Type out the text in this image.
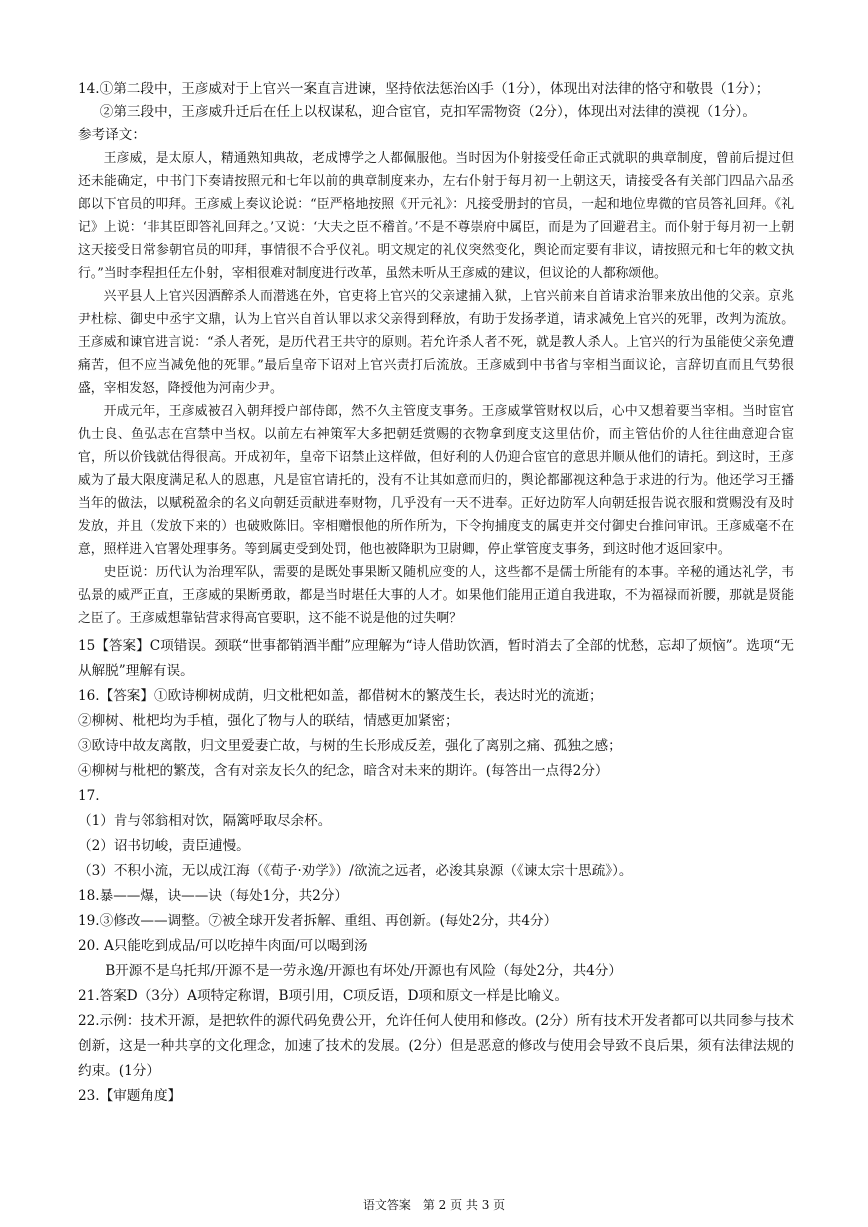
14.①第二段中，王彦威对于上官兴一案直言进谏，坚持依法惩治凶手（1分），体现出对法律的恪守和敬畏（1分）；

②第三段中，王彦威升迁后在任上以权谋私，迎合宦官，克扣军需物资（2分），体现出对法律的漠视（1分）。

参考译文：

王彦威，是太原人，精通熟知典故，老成博学之人都佩服他。当时因为仆射接受任命正式就职的典章制度，曾前后提过但还未能确定，中书门下奏请按照元和七年以前的典章制度来办，左右仆射于每月初一上朝这天，请接受各有关部门四品六品丞郎以下官员的叩拜。王彦威上奏议论说：“臣严格地按照《开元礼》：凡接受册封的官员，一起和地位卑微的官员答礼回拜。《礼记》上说：‘非其臣即答礼回拜之。’又说：‘大夫之臣不稽首。’不是不尊崇府中属臣，而是为了回避君主。而仆射于每月初一上朝这天接受日常参朝官员的叩拜，事情很不合乎仪礼。明文规定的礼仪突然变化，舆论而定要有非议，请按照元和七年的敕文执行。”当时李程担任左仆射，宰相很难对制度进行改革，虽然未听从王彦威的建议，但议论的人都称颂他。

兴平县人上官兴因酒醉杀人而潜逃在外，官吏将上官兴的父亲逮捕入狱，上官兴前来自首请求治罪来放出他的父亲。京兆尹杜棕、御史中丞宇文鼎，认为上官兴自首认罪以求父亲得到释放，有助于发扬孝道，请求减免上官兴的死罪，改判为流放。王彦威和谏官进言说：“杀人者死，是历代君王共守的原则。若允许杀人者不死，就是教人杀人。上官兴的行为虽能使父亲免遭痛苦，但不应当减免他的死罪。”最后皇帝下诏对上官兴责打后流放。王彦威到中书省与宰相当面议论，言辞切直而且气势很盛，宰相发怒，降授他为河南少尹。

开成元年，王彦威被召入朝拜授户部侍郎，然不久主管度支事务。王彦威掌管财权以后，心中又想着要当宰相。当时宦官仇士良、鱼弘志在宫禁中当权。以前左右神策军大多把朝廷赏赐的衣物拿到度支这里估价，而主管估价的人往往曲意迎合宦官，所以价钱就估得很高。开成初年，皇帝下诏禁止这样做，但好利的人仍迎合宦官的意思并顺从他们的请托。到这时，王彦威为了最大限度满足私人的恩惠，凡是宦官请托的，没有不让其如意而归的，舆论都鄙视这种急于求进的行为。他还学习王播当年的做法，以赋税盈余的名义向朝廷贡献进奉财物，几乎没有一天不进奉。正好边防军人向朝廷报告说衣服和赏赐没有及时发放，并且（发放下来的）也破败陈旧。宰相赠恨他的所作所为，下令拘捕度支的属吏并交付御史台推问审讯。王彦威毫不在意，照样进入官署处理事务。等到属吏受到处罚，他也被降职为卫尉卿，停止掌管度支事务，到这时他才返回家中。

史臣说：历代认为治理军队，需要的是既处事果断又随机应变的人，这些都不是儒士所能有的本事。辛秘的通达礼学，韦弘景的威严正直，王彦威的果断勇敢，都是当时堪任大事的人才。如果他们能用正道自我进取，不为福禄而祈腰，那就是贤能之臣了。王彦威想靠钻营求得高官要职，这不能不说是他的过失啊？

15【答案】C项错误。颈联“世事都销酒半酣”应理解为“诗人借助饮酒，暂时消去了全部的忧愁，忘却了烦恼”。选项“无从解脱”理解有误。

16.【答案】①欧诗柳树成荫，归文枇杷如盖，都借树木的繁茂生长，表达时光的流逝；

②柳树、枇杷均为手植，强化了物与人的联结，情感更加紧密；

③欧诗中故友离散，归文里爱妻亡故，与树的生长形成反差，强化了离别之痛、孤独之感；

④柳树与枇杷的繁茂，含有对亲友长久的纪念，暗含对未来的期许。(每答出一点得2分）

17.

（1）肯与邻翁相对饮，隔篱呼取尽余杯。

（2）诏书切峻，责臣逋慢。

（3）不积小流，无以成江海（《荀子·劝学》）/欲流之远者，必浚其泉源（《谏太宗十思疏》）。

18.暴——爆，诀——诀（每处1分，共2分）

19.③修改——调整。⑦被全球开发者拆解、重组、再创新。(每处2分，共4分）

20. A只能吃到成品/可以吃掉牛肉面/可以喝到汤

B开源不是乌托邦/开源不是一劳永逸/开源也有坏处/开源也有风险（每处2分，共4分）

21.答案D（3分）A项特定称谓，B项引用，C项反语，D项和原文一样是比喻义。

22.示例：技术开源，是把软件的源代码免费公开，允许任何人使用和修改。(2分）所有技术开发者都可以共同参与技术创新，这是一种共享的文化理念，加速了技术的发展。(2分）但是恶意的修改与使用会导致不良后果，须有法律法规的约束。(1分）

23.【审题角度】

语文答案　第 2 页 共 3 页
